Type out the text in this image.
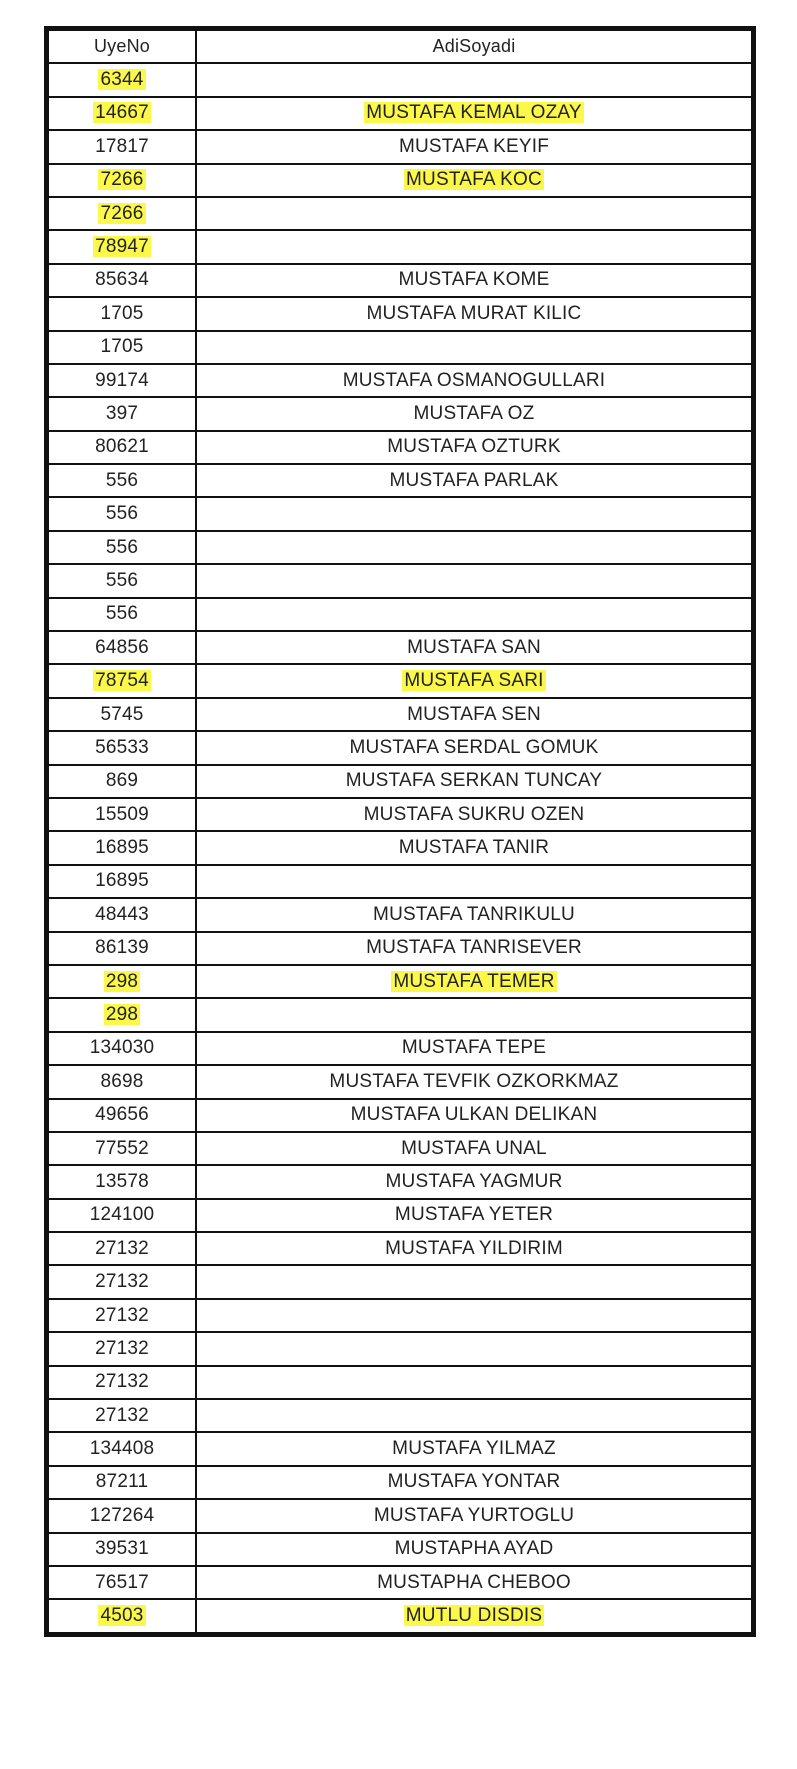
UyeNo	AdiSoyadi
6344	
14667	MUSTAFA KEMAL OZAY
17817	MUSTAFA KEYIF
7266	MUSTAFA KOC
7266	
78947	
85634	MUSTAFA KOME
1705	MUSTAFA MURAT KILIC
1705	
99174	MUSTAFA OSMANOGULLARI
397	MUSTAFA OZ
80621	MUSTAFA OZTURK
556	MUSTAFA PARLAK
556	
556	
556	
556	
64856	MUSTAFA SAN
78754	MUSTAFA SARI
5745	MUSTAFA SEN
56533	MUSTAFA SERDAL GOMUK
869	MUSTAFA SERKAN TUNCAY
15509	MUSTAFA SUKRU OZEN
16895	MUSTAFA TANIR
16895	
48443	MUSTAFA TANRIKULU
86139	MUSTAFA TANRISEVER
298	MUSTAFA TEMER
298	
134030	MUSTAFA TEPE
8698	MUSTAFA TEVFIK OZKORKMAZ
49656	MUSTAFA ULKAN DELIKAN
77552	MUSTAFA UNAL
13578	MUSTAFA YAGMUR
124100	MUSTAFA YETER
27132	MUSTAFA YILDIRIM
27132	
27132	
27132	
27132	
27132	
134408	MUSTAFA YILMAZ
87211	MUSTAFA YONTAR
127264	MUSTAFA YURTOGLU
39531	MUSTAPHA AYAD
76517	MUSTAPHA CHEBOO
4503	MUTLU DISDIS
